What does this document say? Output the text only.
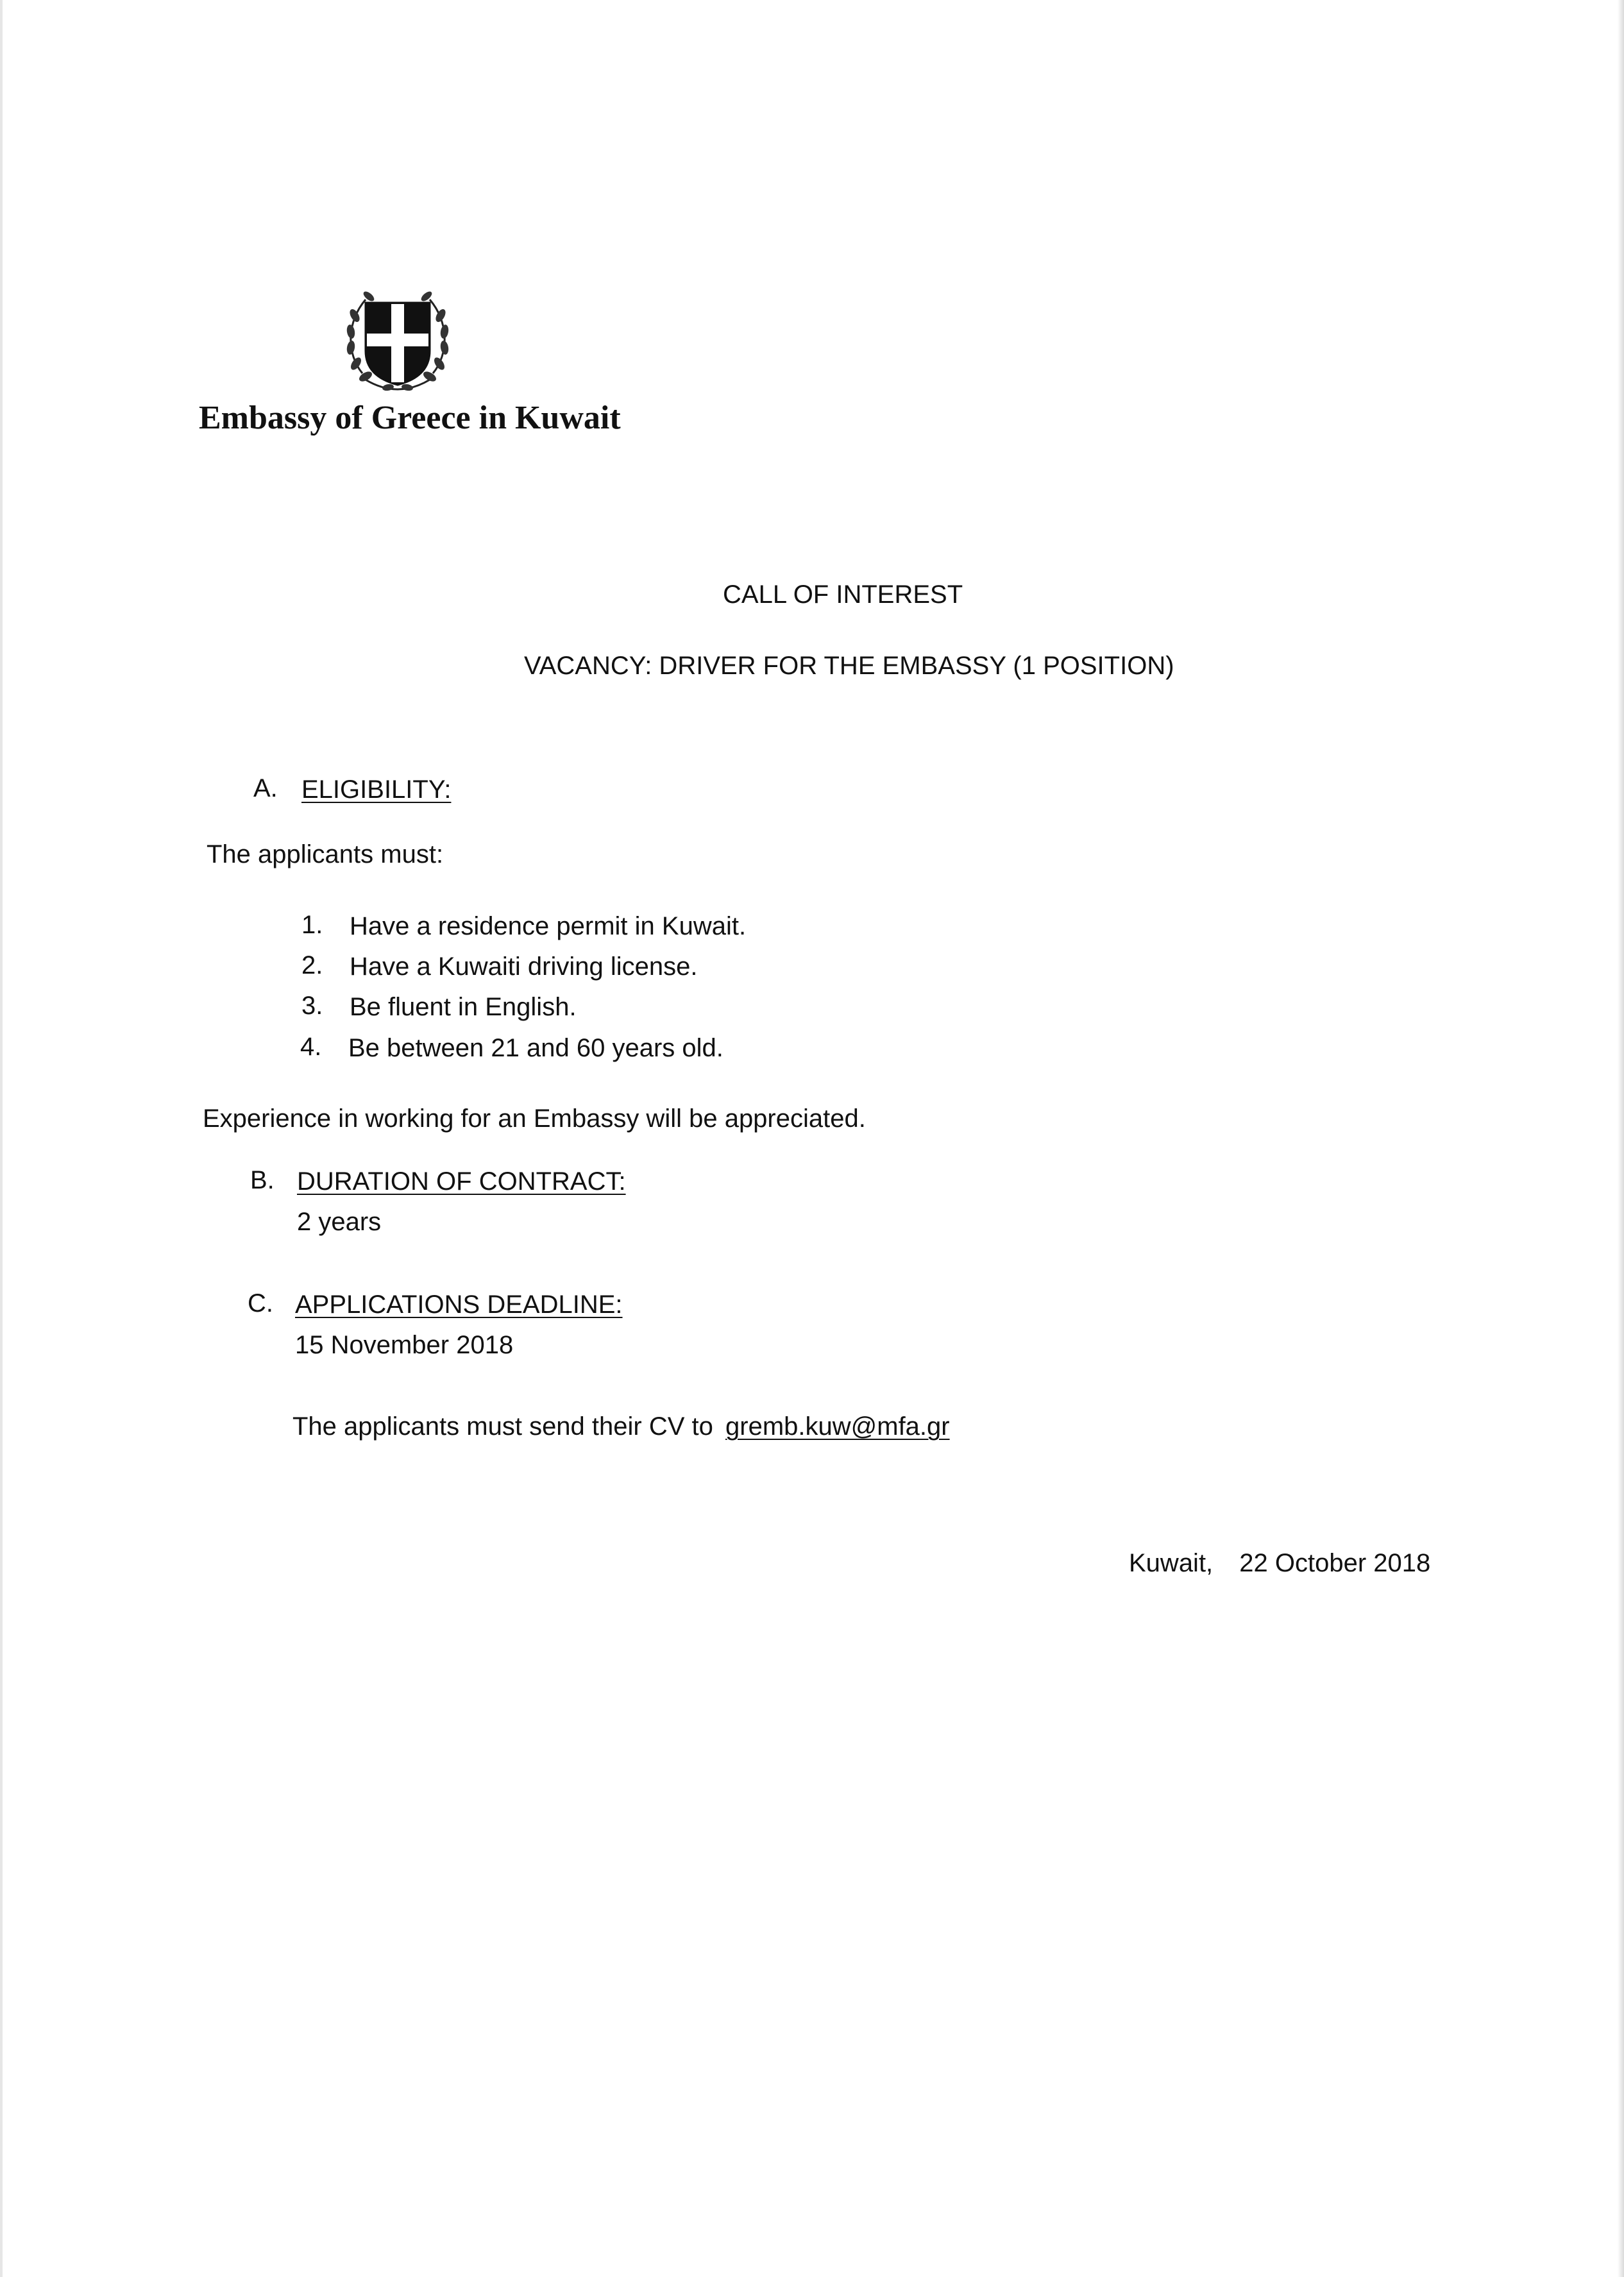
Embassy of Greece in Kuwait
CALL OF INTEREST
VACANCY: DRIVER FOR THE EMBASSY (1 POSITION)
A. ELIGIBILITY:
The applicants must:
1. Have a residence permit in Kuwait.
2. Have a Kuwaiti driving license.
3. Be fluent in English.
4. Be between 21 and 60 years old.
Experience in working for an Embassy will be appreciated.
B. DURATION OF CONTRACT:
2 years
C. APPLICATIONS DEADLINE:
15 November 2018
The applicants must send their CV to gremb.kuw@mfa.gr
Kuwait, 22 October 2018
